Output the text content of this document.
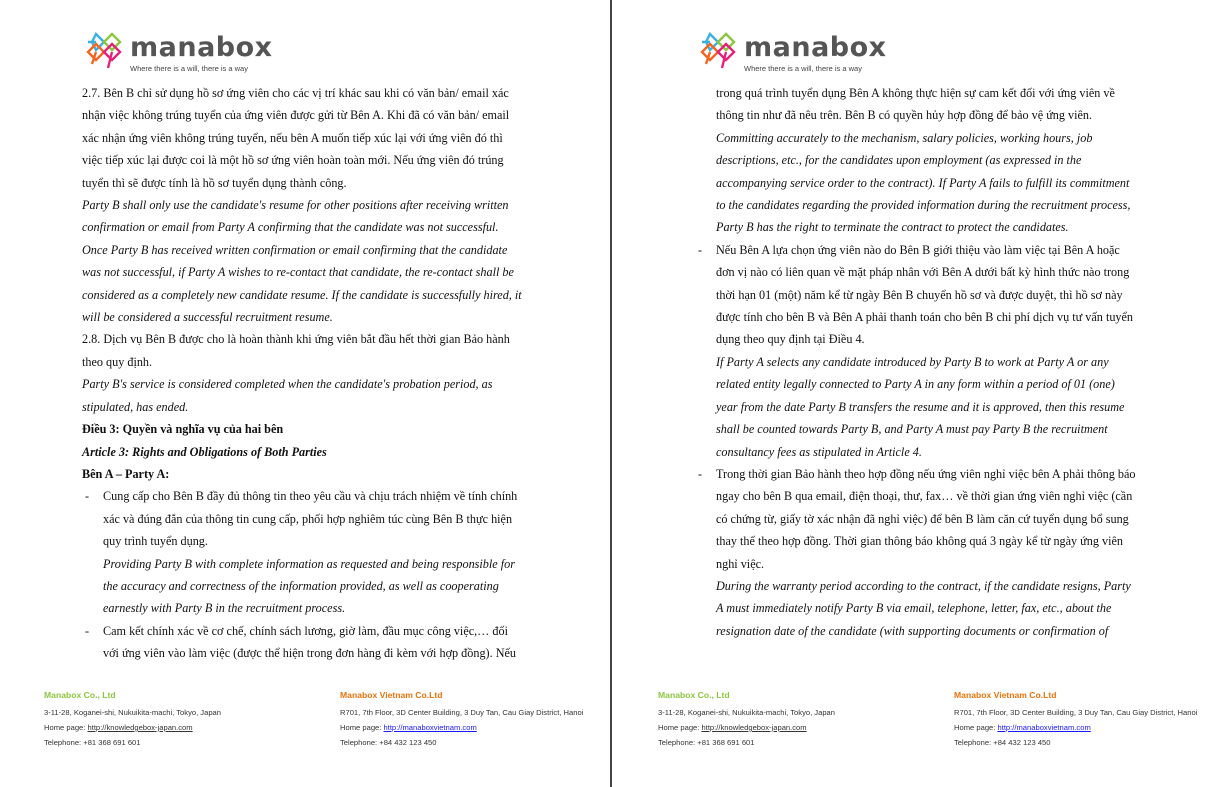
manabox
Where there is a will, there is a way
2.7. Bên B chỉ sử dụng hồ sơ ứng viên cho các vị trí khác sau khi có văn bản/ email xác
nhận việc không trúng tuyển của ứng viên được gửi từ Bên A. Khi đã có văn bản/ email
xác nhận ứng viên không trúng tuyển, nếu bên A muốn tiếp xúc lại với ứng viên đó thì
việc tiếp xúc lại được coi là một hồ sơ ứng viên hoàn toàn mới. Nếu ứng viên đó trúng
tuyển thì sẽ được tính là hồ sơ tuyển dụng thành công.
Party B shall only use the candidate's resume for other positions after receiving written
confirmation or email from Party A confirming that the candidate was not successful.
Once Party B has received written confirmation or email confirming that the candidate
was not successful, if Party A wishes to re-contact that candidate, the re-contact shall be
considered as a completely new candidate resume. If the candidate is successfully hired, it
will be considered a successful recruitment resume.
2.8. Dịch vụ Bên B được cho là hoàn thành khi ứng viên bắt đầu hết thời gian Bảo hành
theo quy định.
Party B's service is considered completed when the candidate's probation period, as
stipulated, has ended.
Điều 3: Quyền và nghĩa vụ của hai bên
Article 3: Rights and Obligations of Both Parties
Bên A – Party A:
- Cung cấp cho Bên B đầy đủ thông tin theo yêu cầu và chịu trách nhiệm về tính chính
xác và đúng đắn của thông tin cung cấp, phối hợp nghiêm túc cùng Bên B thực hiện
quy trình tuyển dụng.
Providing Party B with complete information as requested and being responsible for
the accuracy and correctness of the information provided, as well as cooperating
earnestly with Party B in the recruitment process.
- Cam kết chính xác về cơ chế, chính sách lương, giờ làm, đầu mục công việc,… đối
với ứng viên vào làm việc (được thể hiện trong đơn hàng đi kèm với hợp đồng). Nếu
Manabox Co., Ltd
3-11-28, Koganei-shi, Nukuikita-machi, Tokyo, Japan
Home page: http://knowledgebox-japan.com
Telephone: +81 368 691 601
Manabox Vietnam Co.Ltd
R701, 7th Floor, 3D Center Building, 3 Duy Tan, Cau Giay District, Hanoi
Home page: http://manaboxvietnam.com
Telephone: +84 432 123 450
manabox
Where there is a will, there is a way
trong quá trình tuyển dụng Bên A không thực hiện sự cam kết đối với ứng viên về
thông tin như đã nêu trên. Bên B có quyền hủy hợp đồng để bảo vệ ứng viên.
Committing accurately to the mechanism, salary policies, working hours, job
descriptions, etc., for the candidates upon employment (as expressed in the
accompanying service order to the contract). If Party A fails to fulfill its commitment
to the candidates regarding the provided information during the recruitment process,
Party B has the right to terminate the contract to protect the candidates.
- Nếu Bên A lựa chọn ứng viên nào do Bên B giới thiệu vào làm việc tại Bên A hoặc
đơn vị nào có liên quan về mặt pháp nhân với Bên A dưới bất kỳ hình thức nào trong
thời hạn 01 (một) năm kể từ ngày Bên B chuyển hồ sơ và được duyệt, thì hồ sơ này
được tính cho bên B và Bên A phải thanh toán cho bên B chi phí dịch vụ tư vấn tuyển
dụng theo quy định tại Điều 4.
If Party A selects any candidate introduced by Party B to work at Party A or any
related entity legally connected to Party A in any form within a period of 01 (one)
year from the date Party B transfers the resume and it is approved, then this resume
shall be counted towards Party B, and Party A must pay Party B the recruitment
consultancy fees as stipulated in Article 4.
- Trong thời gian Bảo hành theo hợp đồng nếu ứng viên nghỉ việc bên A phải thông báo
ngay cho bên B qua email, điện thoại, thư, fax… về thời gian ứng viên nghỉ việc (cần
có chứng từ, giấy tờ xác nhận đã nghỉ việc) để bên B làm căn cứ tuyển dụng bổ sung
thay thế theo hợp đồng. Thời gian thông báo không quá 3 ngày kể từ ngày ứng viên
nghỉ việc.
During the warranty period according to the contract, if the candidate resigns, Party
A must immediately notify Party B via email, telephone, letter, fax, etc., about the
resignation date of the candidate (with supporting documents or confirmation of
Manabox Co., Ltd
3-11-28, Koganei-shi, Nukuikita-machi, Tokyo, Japan
Home page: http://knowledgebox-japan.com
Telephone: +81 368 691 601
Manabox Vietnam Co.Ltd
R701, 7th Floor, 3D Center Building, 3 Duy Tan, Cau Giay District, Hanoi
Home page: http://manaboxvietnam.com
Telephone: +84 432 123 450
